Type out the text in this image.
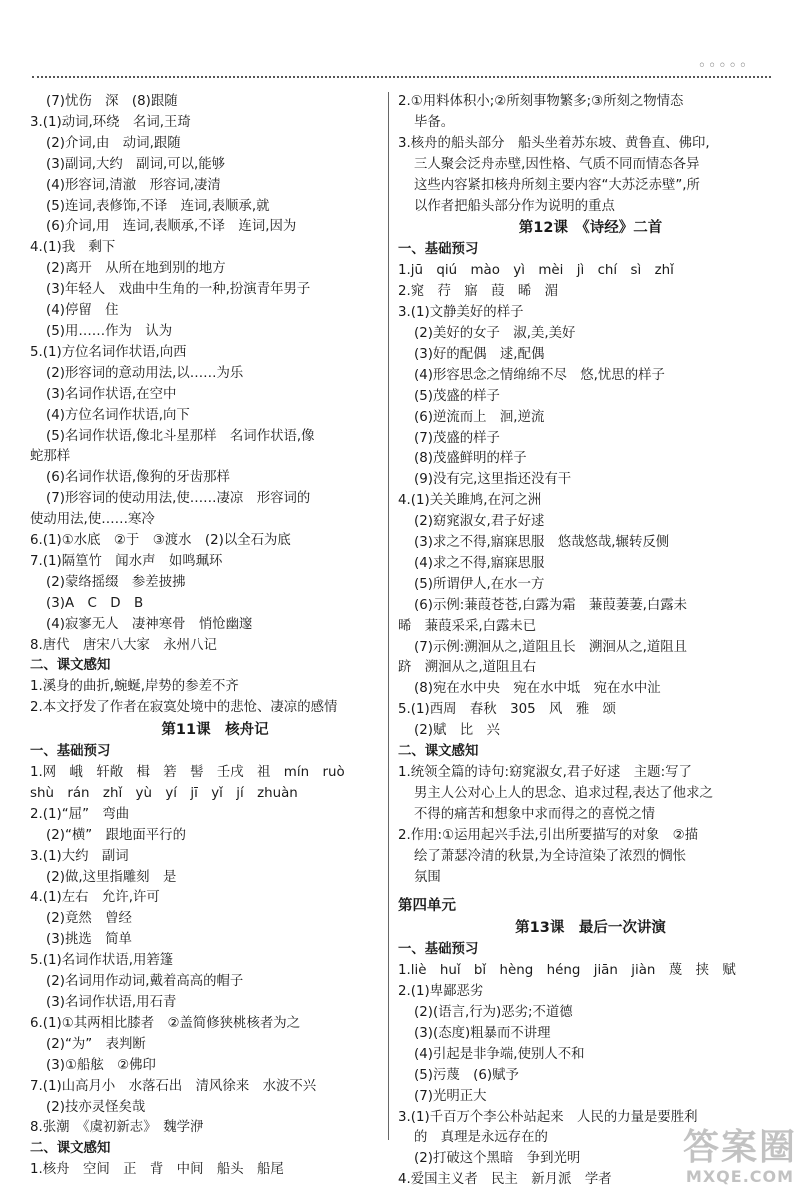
◦◦◦◦◦
(7)忧伤　深　(8)跟随
3.(1)动词,环绕　名词,王琦
(2)介词,由　动词,跟随
(3)副词,大约　副词,可以,能够
(4)形容词,清澈　形容词,凄清
(5)连词,表修饰,不译　连词,表顺承,就
(6)介词,用　连词,表顺承,不译　连词,因为
4.(1)我　剩下
(2)离开　从所在地到别的地方
(3)年轻人　戏曲中生角的一种,扮演青年男子
(4)停留　住
(5)用……作为　认为
5.(1)方位名词作状语,向西
(2)形容词的意动用法,以……为乐
(3)名词作状语,在空中
(4)方位名词作状语,向下
(5)名词作状语,像北斗星那样　名词作状语,像
蛇那样
(6)名词作状语,像狗的牙齿那样
(7)形容词的使动用法,使……凄凉　形容词的
使动用法,使……寒冷
6.(1)①水底　②于　③渡水　(2)以全石为底
7.(1)隔篁竹　闻水声　如鸣珮环
(2)蒙络摇缀　参差披拂
(3)A　C　D　B
(4)寂寥无人　凄神寒骨　悄怆幽邃
8.唐代　唐宋八大家　永州八记
二、课文感知
1.溪身的曲折,蜿蜒,岸势的参差不齐
2.本文抒发了作者在寂寞处境中的悲怆、凄凉的感情
第11课　核舟记
一、基础预习
1.网　峨　轩敞　楫　箬　髻　壬戌　祖　mín　ruò
shù　rán　zhǐ　yù　yí　jī　yǐ　jí　zhuàn
2.(1)“屈”　弯曲
(2)“横”　跟地面平行的
3.(1)大约　副词
(2)做,这里指雕刻　是
4.(1)左右　允许,许可
(2)竟然　曾经
(3)挑选　简单
5.(1)名词作状语,用箬篷
(2)名词用作动词,戴着高高的帽子
(3)名词作状语,用石青
6.(1)①其两相比膝者　②盖简修狭桃核者为之
(2)“为”　表判断
(3)①船舷　②佛印
7.(1)山高月小　水落石出　清风徐来　水波不兴
(2)技亦灵怪矣哉
8.张潮　《虞初新志》　魏学洢
二、课文感知
1.核舟　空间　正　背　中间　船头　船尾
2.①用料体积小;②所刻事物繁多;③所刻之物情态
毕备。
3.核舟的船头部分　船头坐着苏东坡、黄鲁直、佛印,
三人聚会泛舟赤壁,因性格、气质不同而情态各异
这些内容紧扣核舟所刻主要内容“大苏泛赤壁”,所
以作者把船头部分作为说明的重点
第12课　《诗经》二首
一、基础预习
1.jū　qiú　mào　yì　mèi　jì　chí　sì　zhǐ
2.窕　荇　寤　葭　晞　湄
3.(1)文静美好的样子
(2)美好的女子　淑,美,美好
(3)好的配偶　逑,配偶
(4)形容思念之情绵绵不尽　悠,忧思的样子
(5)茂盛的样子
(6)逆流而上　洄,逆流
(7)茂盛的样子
(8)茂盛鲜明的样子
(9)没有完,这里指还没有干
4.(1)关关雎鸠,在河之洲
(2)窈窕淑女,君子好逑
(3)求之不得,寤寐思服　悠哉悠哉,辗转反侧
(4)求之不得,寤寐思服
(5)所谓伊人,在水一方
(6)示例:蒹葭苍苍,白露为霜　蒹葭萋萋,白露未
晞　蒹葭采采,白露未已
(7)示例:溯洄从之,道阻且长　溯洄从之,道阻且
跻　溯洄从之,道阻且右
(8)宛在水中央　宛在水中坻　宛在水中沚
5.(1)西周　春秋　305　风　雅　颂
(2)赋　比　兴
二、课文感知
1.统领全篇的诗句:窈窕淑女,君子好逑　主题:写了
男主人公对心上人的思念、追求过程,表达了他求之
不得的痛苦和想象中求而得之的喜悦之情
2.作用:①运用起兴手法,引出所要描写的对象　②描
绘了萧瑟冷清的秋景,为全诗渲染了浓烈的惆怅
氛围
第四单元
第13课　最后一次讲演
一、基础预习
1.liè　huǐ　bǐ　hèng　héng　jiān　jiàn　蔑　挟　赋
2.(1)卑鄙恶劣
(2)(语言,行为)恶劣;不道德
(3)(态度)粗暴而不讲理
(4)引起是非争端,使别人不和
(5)污蔑　(6)赋予
(7)光明正大
3.(1)千百万个李公朴站起来　人民的力量是要胜利
的　真理是永远存在的
(2)打破这个黑暗　争到光明
4.爱国主义者　民主　新月派　学者
答案圈
MXQE.COM
